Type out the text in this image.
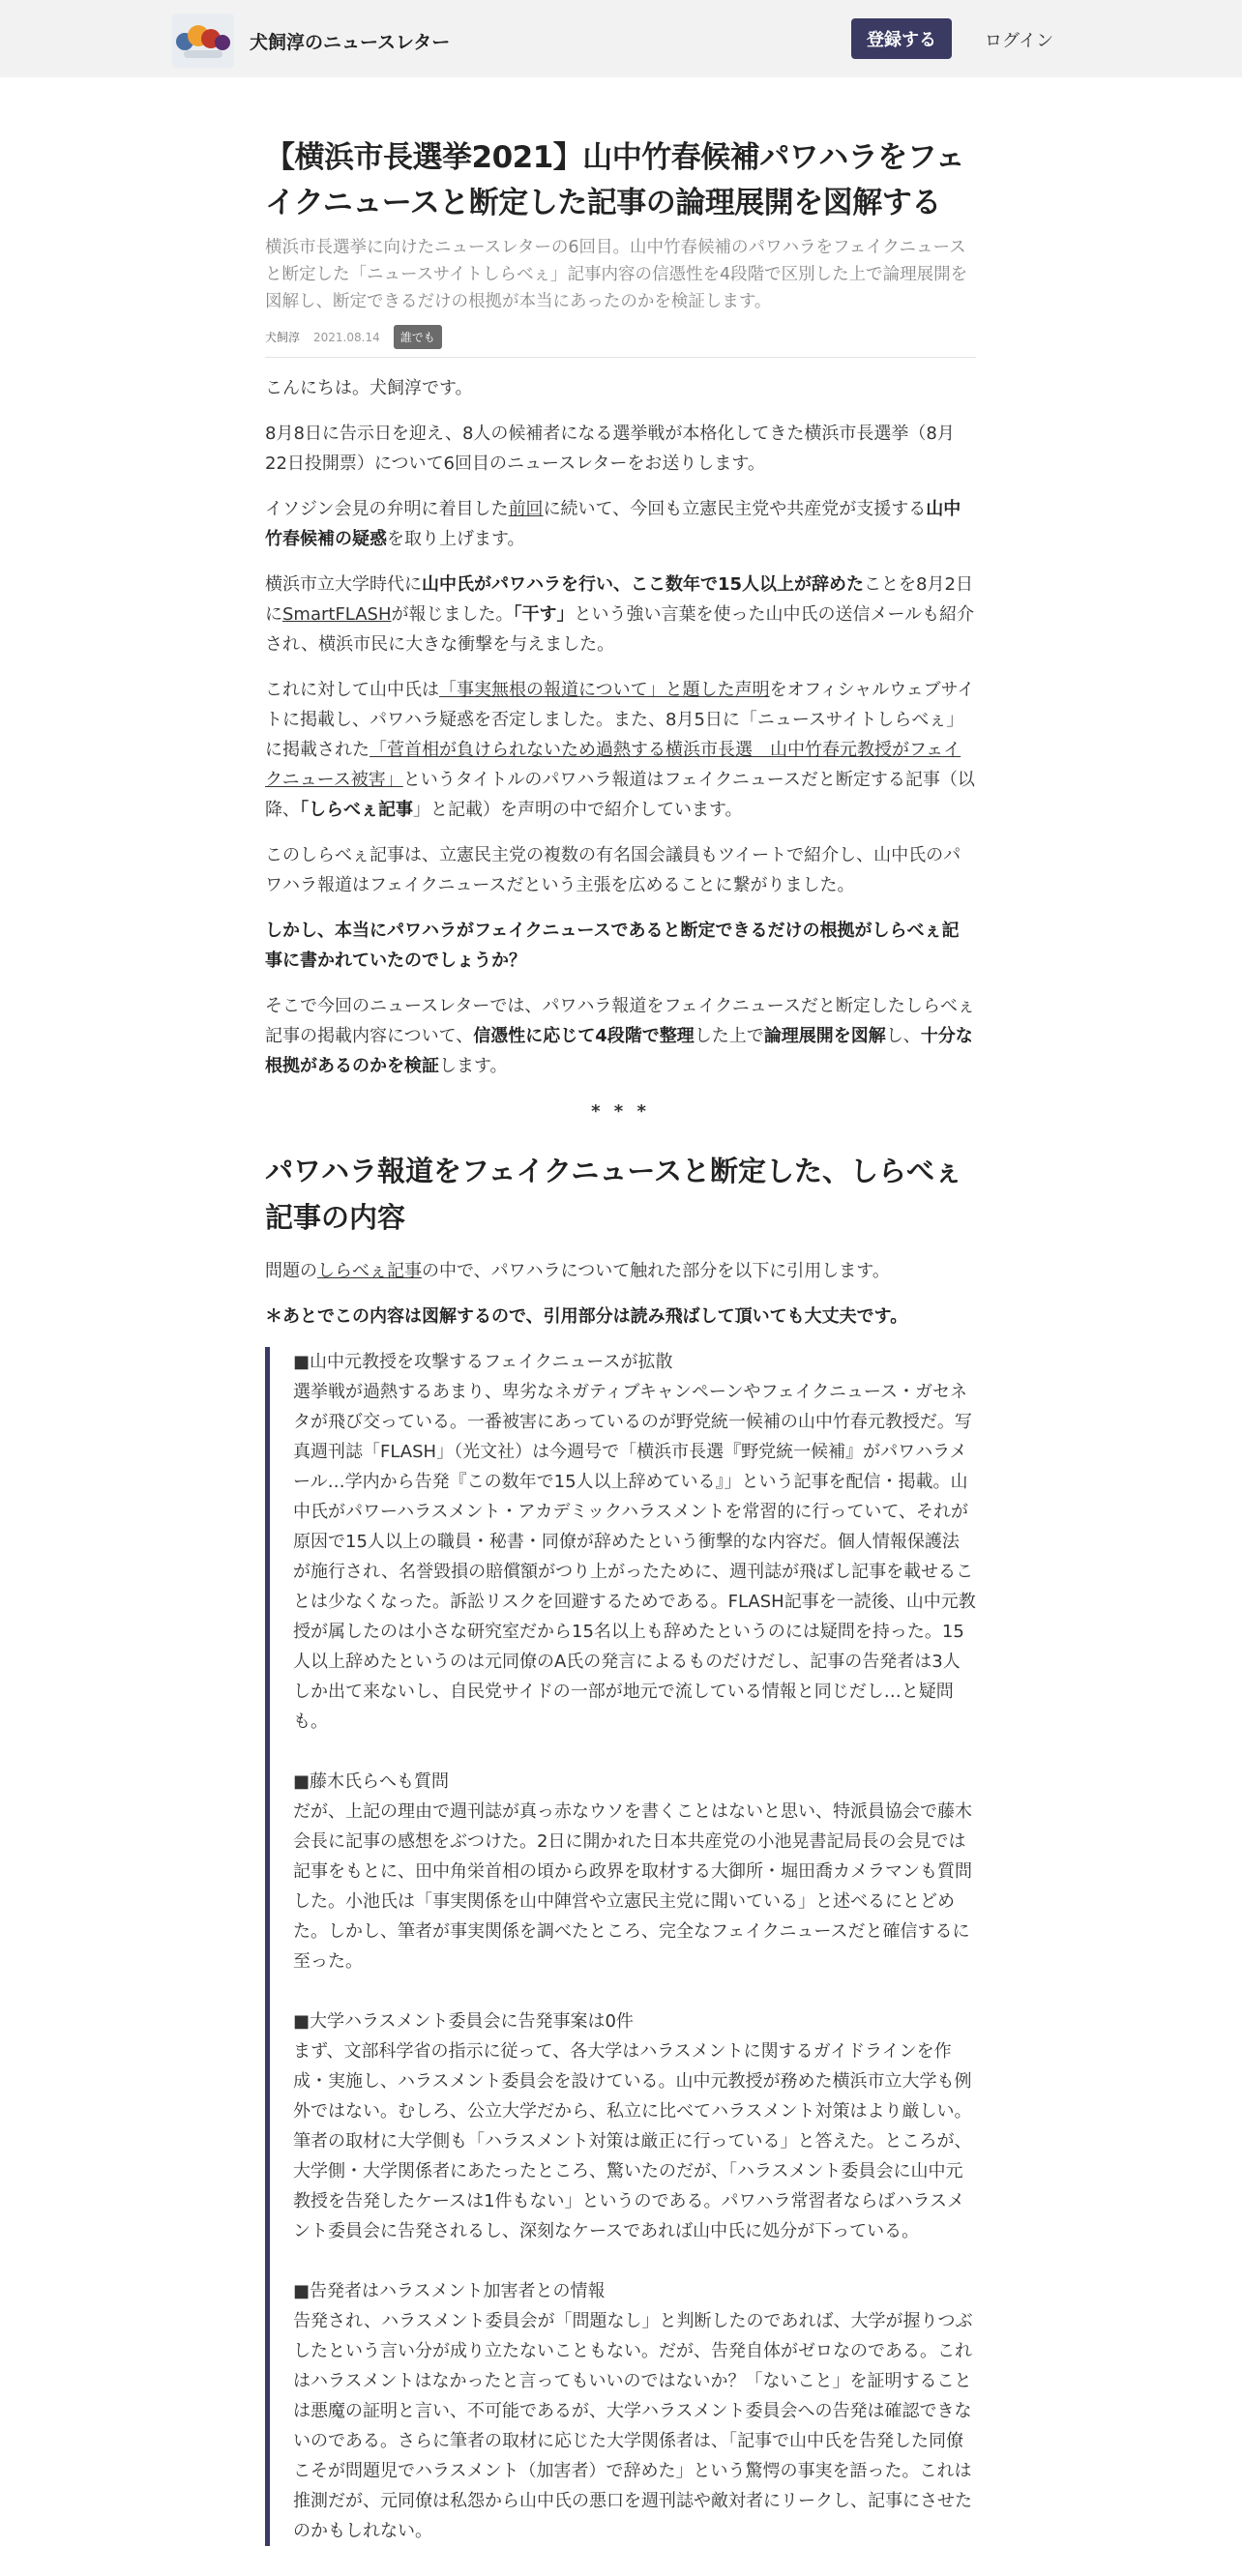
犬飼淳のニュースレター	登録する	ログイン
【横浜市長選挙2021】山中竹春候補パワハラをフェイクニュースと断定した記事の論理展開を図解する
横浜市長選挙に向けたニュースレターの6回目。山中竹春候補のパワハラをフェイクニュースと断定した「ニュースサイトしらべぇ」記事内容の信憑性を4段階で区別した上で論理展開を図解し、断定できるだけの根拠が本当にあったのかを検証します。
犬飼淳 2021.08.14	誰でも

こんにちは。犬飼淳です。

8月8日に告示日を迎え、8人の候補者になる選挙戦が本格化してきた横浜市長選挙（8月22日投開票）について6回目のニュースレターをお送りします。

イソジン会見の弁明に着目した前回に続いて、今回も立憲民主党や共産党が支援する山中竹春候補の疑惑を取り上げます。

横浜市立大学時代に山中氏がパワハラを行い、ここ数年で15人以上が辞めたことを8月2日にSmartFLASHが報じました。「干す」という強い言葉を使った山中氏の送信メールも紹介され、横浜市民に大きな衝撃を与えました。

これに対して山中氏は「事実無根の報道について」と題した声明をオフィシャルウェブサイトに掲載し、パワハラ疑惑を否定しました。また、8月5日に「ニュースサイトしらべぇ」に掲載された「菅首相が負けられないため過熱する横浜市長選　山中竹春元教授がフェイクニュース被害」というタイトルのパワハラ報道はフェイクニュースだと断定する記事（以降、「しらべぇ記事」と記載）を声明の中で紹介しています。

このしらべぇ記事は、立憲民主党の複数の有名国会議員もツイートで紹介し、山中氏のパワハラ報道はフェイクニュースだという主張を広めることに繋がりました。

しかし、本当にパワハラがフェイクニュースであると断定できるだけの根拠がしらべぇ記事に書かれていたのでしょうか？

そこで今回のニュースレターでは、パワハラ報道をフェイクニュースだと断定したしらべぇ記事の掲載内容について、信憑性に応じて4段階で整理した上で論理展開を図解し、十分な根拠があるのかを検証します。

* * *
パワハラ報道をフェイクニュースと断定した、しらべぇ記事の内容

問題のしらべぇ記事の中で、パワハラについて触れた部分を以下に引用します。

＊あとでこの内容は図解するので、引用部分は読み飛ばして頂いても大丈夫です。

■山中元教授を攻撃するフェイクニュースが拡散
選挙戦が過熱するあまり、卑劣なネガティブキャンペーンやフェイクニュース・ガセネタが飛び交っている。一番被害にあっているのが野党統一候補の山中竹春元教授だ。写真週刊誌「FLASH」（光文社）は今週号で「横浜市長選『野党統一候補』がパワハラメール…学内から告発『この数年で15人以上辞めている』」という記事を配信・掲載。山中氏がパワーハラスメント・アカデミックハラスメントを常習的に行っていて、それが原因で15人以上の職員・秘書・同僚が辞めたという衝撃的な内容だ。個人情報保護法が施行され、名誉毀損の賠償額がつり上がったために、週刊誌が飛ばし記事を載せることは少なくなった。訴訟リスクを回避するためである。FLASH記事を一読後、山中元教授が属したのは小さな研究室だから15名以上も辞めたというのには疑問を持った。15人以上辞めたというのは元同僚のA氏の発言によるものだけだし、記事の告発者は3人しか出て来ないし、自民党サイドの一部が地元で流している情報と同じだし…と疑問も。

■藤木氏らへも質問
だが、上記の理由で週刊誌が真っ赤なウソを書くことはないと思い、特派員協会で藤木会長に記事の感想をぶつけた。2日に開かれた日本共産党の小池晃書記局長の会見では記事をもとに、田中角栄首相の頃から政界を取材する大御所・堀田喬カメラマンも質問した。小池氏は「事実関係を山中陣営や立憲民主党に聞いている」と述べるにとどめた。しかし、筆者が事実関係を調べたところ、完全なフェイクニュースだと確信するに至った。

■大学ハラスメント委員会に告発事案は0件
まず、文部科学省の指示に従って、各大学はハラスメントに関するガイドラインを作成・実施し、ハラスメント委員会を設けている。山中元教授が務めた横浜市立大学も例外ではない。むしろ、公立大学だから、私立に比べてハラスメント対策はより厳しい。筆者の取材に大学側も「ハラスメント対策は厳正に行っている」と答えた。ところが、大学側・大学関係者にあたったところ、驚いたのだが、「ハラスメント委員会に山中元教授を告発したケースは1件もない」というのである。パワハラ常習者ならばハラスメント委員会に告発されるし、深刻なケースであれば山中氏に処分が下っている。

■告発者はハラスメント加害者との情報
告発され、ハラスメント委員会が「問題なし」と判断したのであれば、大学が握りつぶしたという言い分が成り立たないこともない。だが、告発自体がゼロなのである。これはハラスメントはなかったと言ってもいいのではないか？「ないこと」を証明することは悪魔の証明と言い、不可能であるが、大学ハラスメント委員会への告発は確認できないのである。さらに筆者の取材に応じた大学関係者は、「記事で山中氏を告発した同僚こそが問題児でハラスメント（加害者）で辞めた」という驚愕の事実を語った。これは推測だが、元同僚は私怨から山中氏の悪口を週刊誌や敵対者にリークし、記事にさせたのかもしれない。
